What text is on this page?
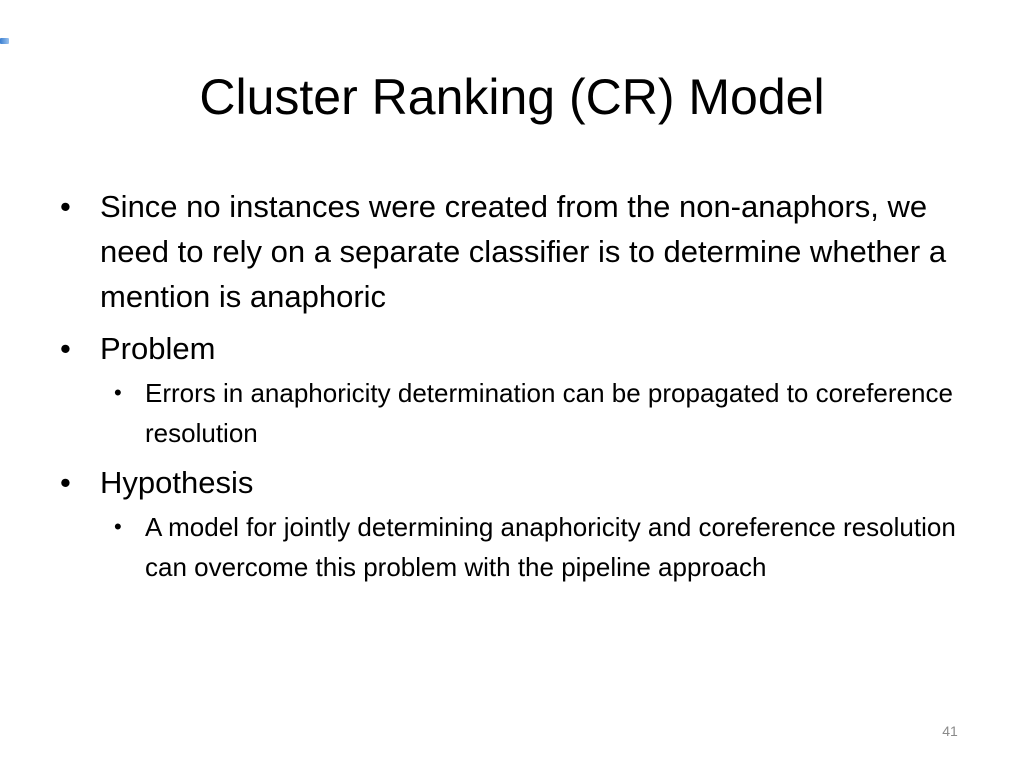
Cluster Ranking (CR) Model
• Since no instances were created from the non-anaphors, we need to rely on a separate classifier is to determine whether a mention is anaphoric
• Problem
• Errors in anaphoricity determination can be propagated to coreference resolution
• Hypothesis
• A model for jointly determining anaphoricity and coreference resolution  can overcome this problem with the pipeline approach
41
